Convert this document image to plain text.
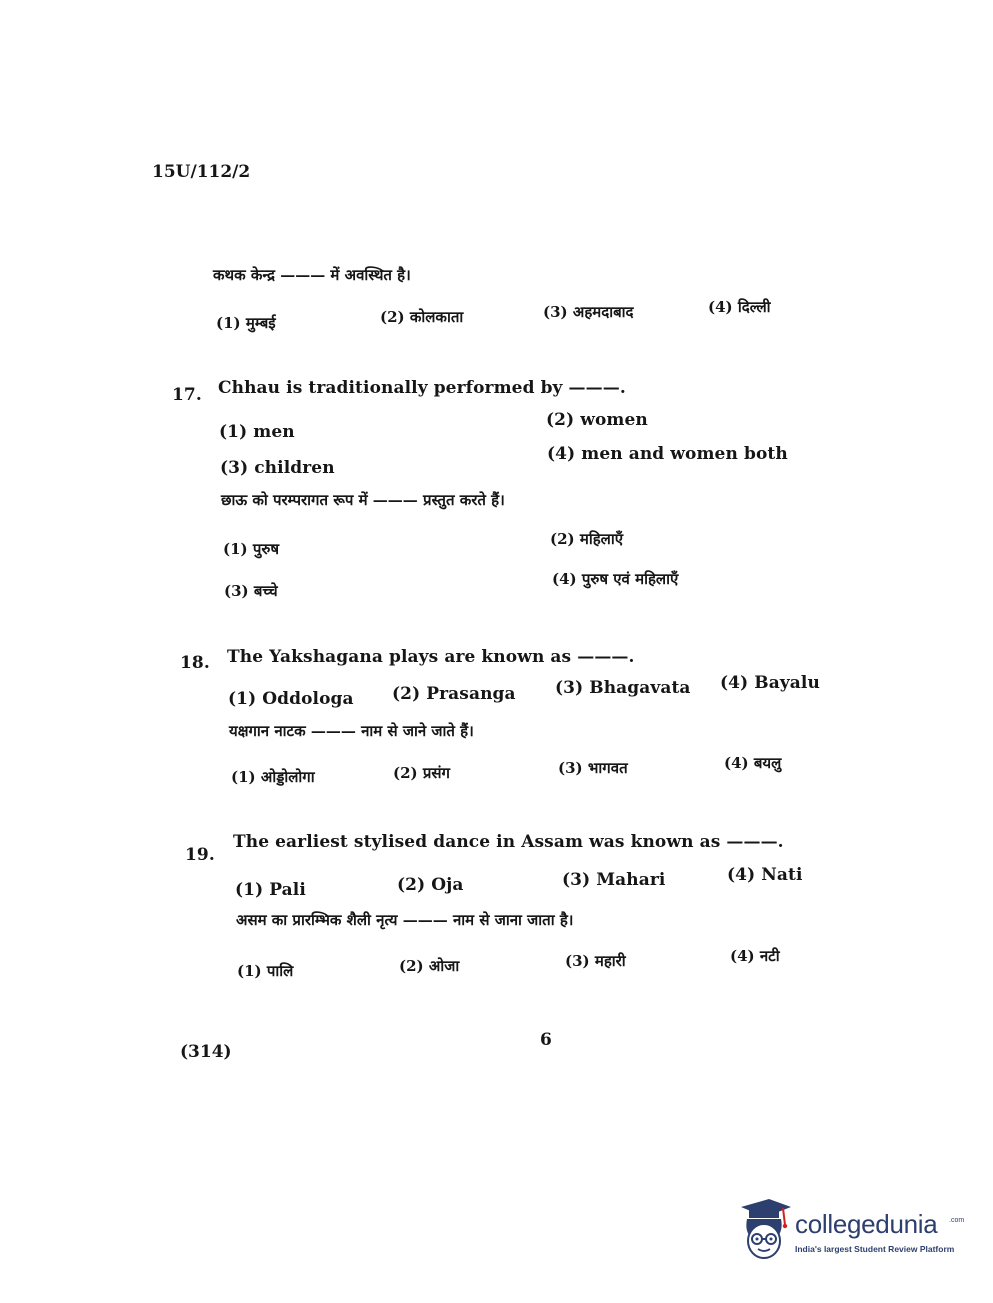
15U/112/2
कथक केन्द्र ——— में अवस्थित है।
(1) मुम्बई	(2) कोलकाता	(3) अहमदाबाद	(4) दिल्ली
17. Chhau is traditionally performed by ———.
(1) men
(2) women
(3) children
(4) men and women both
छाऊ को परम्परागत रूप में ——— प्रस्तुत करते हैं।
(1) पुरुष
(2) महिलाएँ
(3) बच्चे
(4) पुरुष एवं महिलाएँ
18. The Yakshagana plays are known as ———.
(1) Oddologa (2) Prasanga (3) Bhagavata (4) Bayalu
यक्षगान नाटक ——— नाम से जाने जाते हैं।
(1) ओड्डोलोगा	(2) प्रसंग	(3) भागवत	(4) बयलु
19.
The earliest stylised dance in Assam was known as ———.
(1) Pali	(2) Oja	(3) Mahari	(4) Nati
असम का प्रारम्भिक शैली नृत्य ——— नाम से जाना जाता है।
(1) पालि	(2) ओजा	(3) महारी	(4) नटी
(314)
6
collegedunia .com
India's largest Student Review Platform
